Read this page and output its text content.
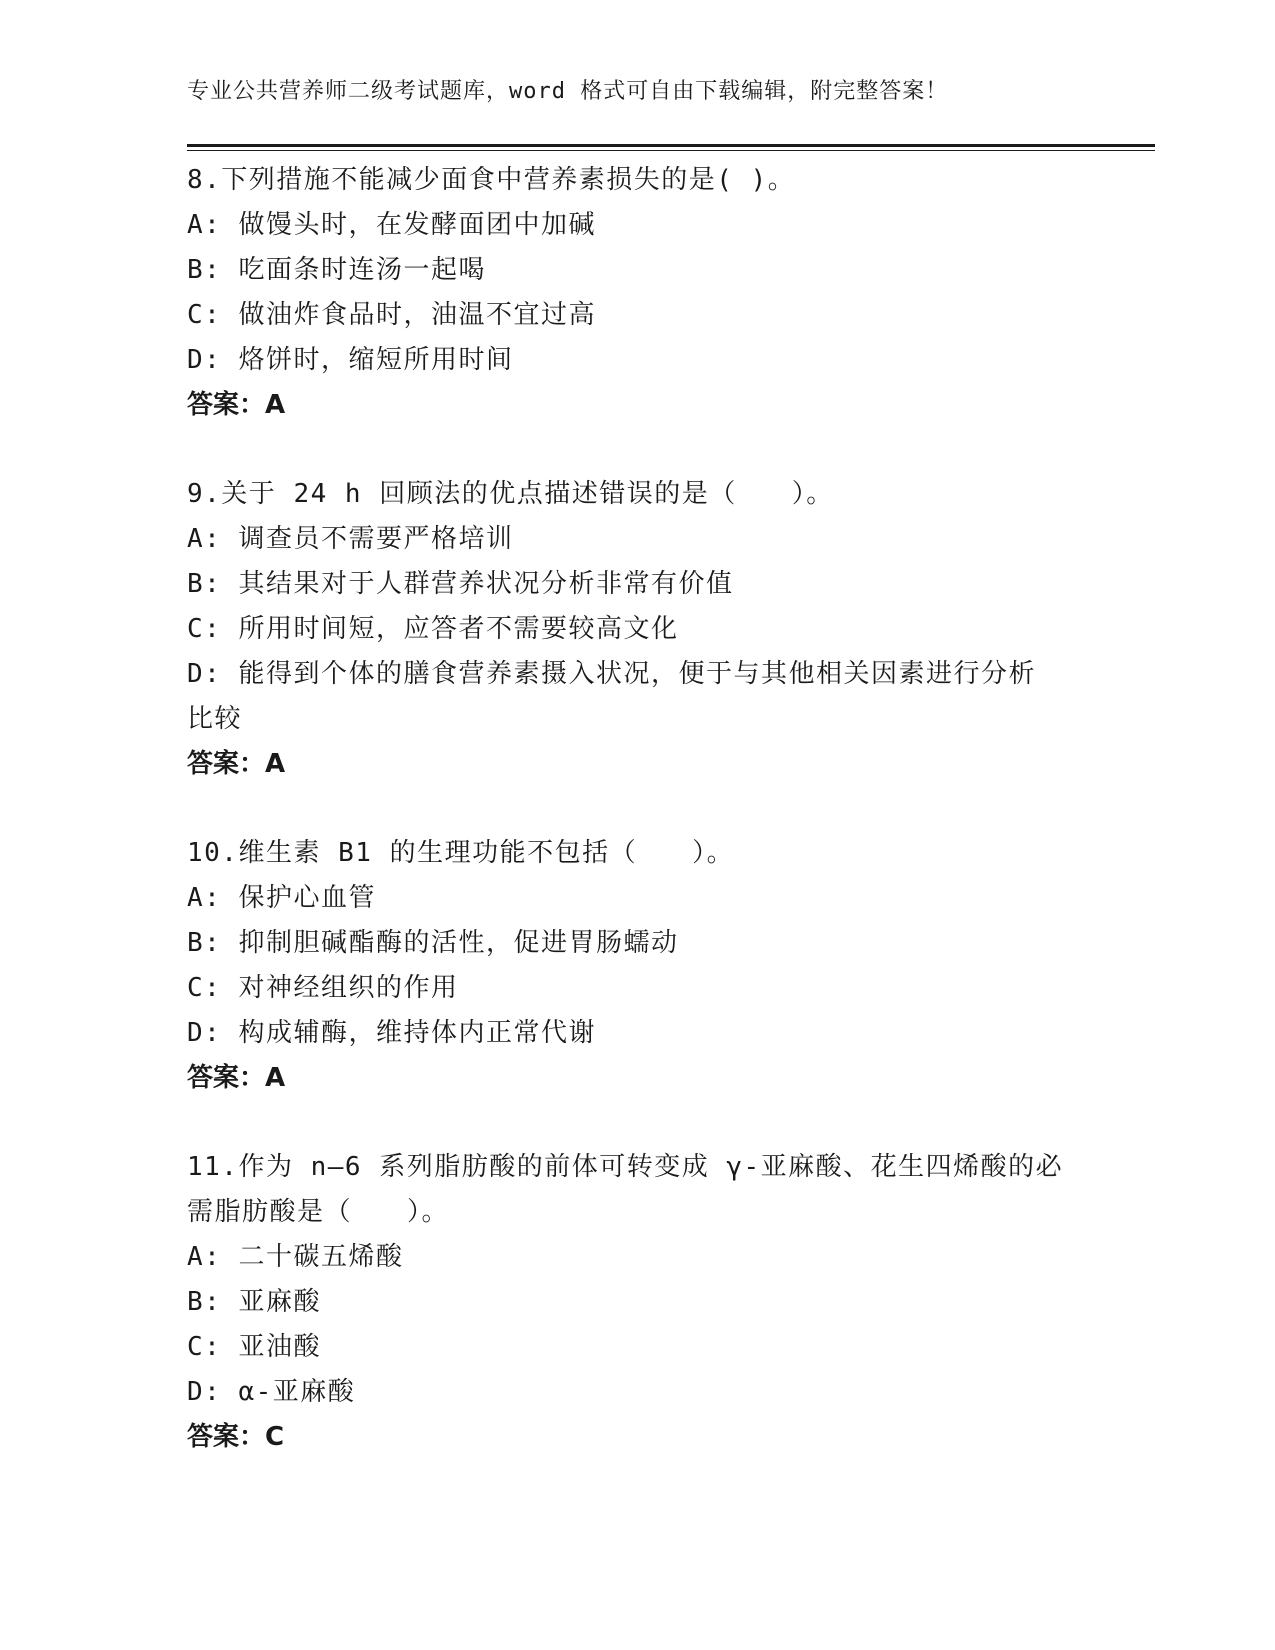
专业公共营养师二级考试题库，word 格式可自由下载编辑，附完整答案！
8.下列措施不能减少面食中营养素损失的是( )。
A: 做馒头时，在发酵面团中加碱
B: 吃面条时连汤一起喝
C: 做油炸食品时，油温不宜过高
D: 烙饼时，缩短所用时间
答案：A
9.关于 24 h 回顾法的优点描述错误的是（　　）。
A: 调查员不需要严格培训
B: 其结果对于人群营养状况分析非常有价值
C: 所用时间短，应答者不需要较高文化
D: 能得到个体的膳食营养素摄入状况，便于与其他相关因素进行分析
比较
答案：A
10.维生素 B1 的生理功能不包括（　　）。
A: 保护心血管
B: 抑制胆碱酯酶的活性，促进胃肠蠕动
C: 对神经组织的作用
D: 构成辅酶，维持体内正常代谢
答案：A
11.作为 n—6 系列脂肪酸的前体可转变成 γ-亚麻酸、花生四烯酸的必
需脂肪酸是（　　）。
A: 二十碳五烯酸
B: 亚麻酸
C: 亚油酸
D: α-亚麻酸
答案：C
